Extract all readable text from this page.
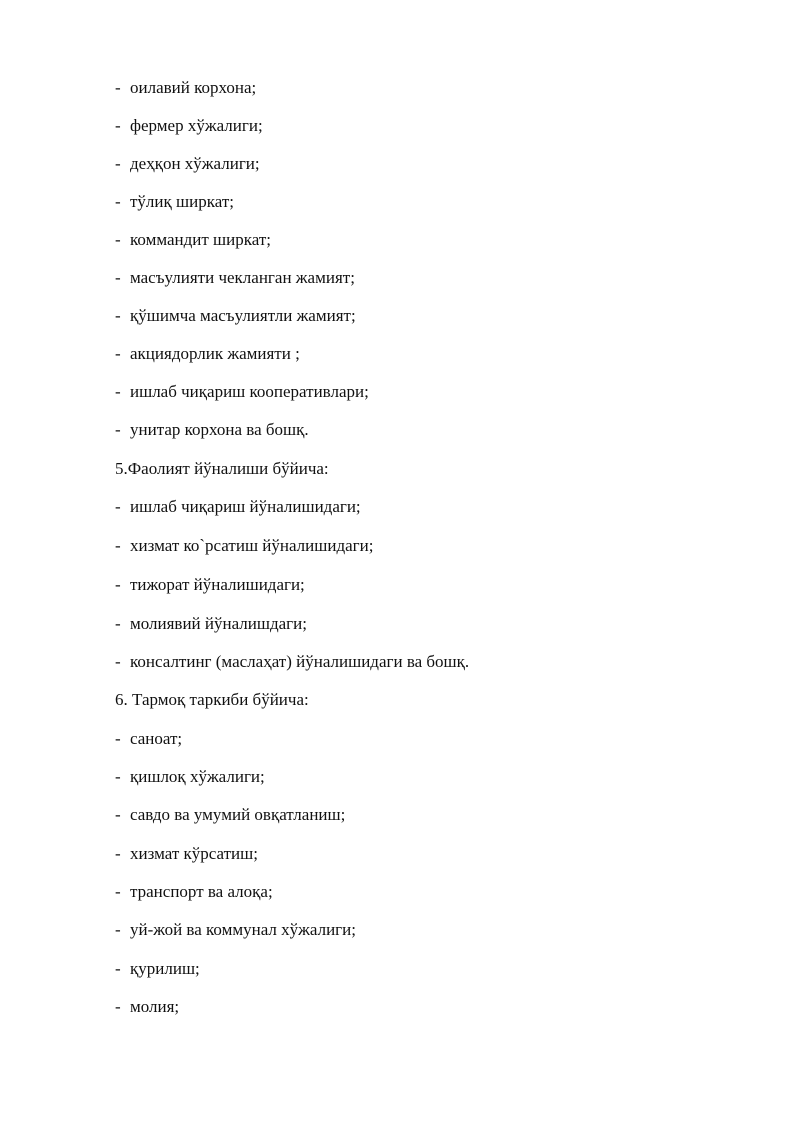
- оилавий корхона;
- фермер хўжалиги;
- деҳқон хўжалиги;
- тўлиқ ширкат;
- коммандит ширкат;
- масъулияти чекланган жамият;
- қўшимча масъулиятли жамият;
- акциядорлик жамияти ;
- ишлаб чиқариш кооперативлари;
- унитар корхона ва бошқ.
5.Фаолият йўналиши бўйича:
- ишлаб чиқариш йўналишидаги;
- хизмат ко`рсатиш йўналишидаги;
- тижорат йўналишидаги;
- молиявий йўналишдаги;
- консалтинг (маслаҳат) йўналишидаги ва бошқ.
6. Тармоқ таркиби бўйича:
- саноат;
- қишлоқ хўжалиги;
- савдо ва умумий овқатланиш;
- хизмат кўрсатиш;
- транспорт ва алоқа;
- уй-жой ва коммунал хўжалиги;
- қурилиш;
- молия;
